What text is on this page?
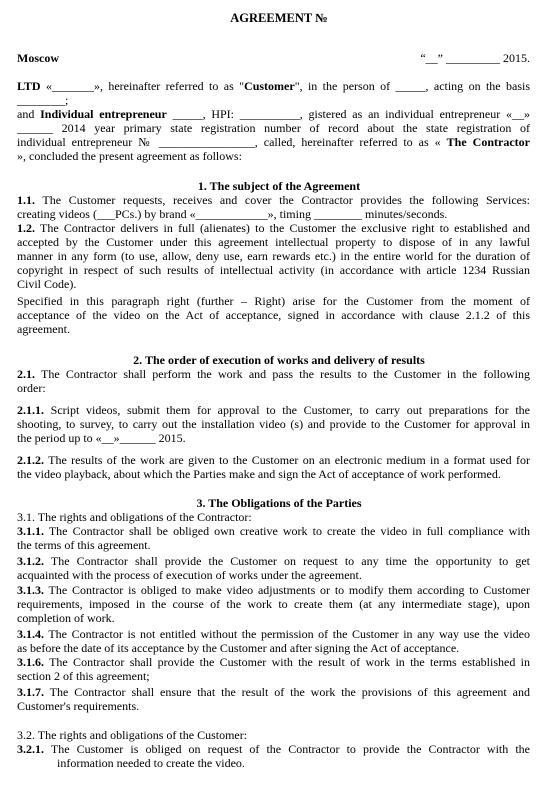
AGREEMENT №
Moscow	“__” _________ 2015.
LTD «_______», hereinafter referred to as "Customer", in the person of _____, acting on the basis
________;
and Individual entrepreneur _____, HPI: __________, gistered as an individual entrepreneur «__»
______ 2014 year primary state registration number of record about the state registration of
individual entrepreneur № ________________, called, hereinafter referred to as « The Contractor
», concluded the present agreement as follows:
1. The subject of the Agreement
1.1. The Customer requests, receives and cover the Contractor provides the following Services:
creating videos (___PCs.) by brand «____________», timing ________ minutes/seconds.
1.2. The Contractor delivers in full (alienates) to the Customer the exclusive right to established and
accepted by the Customer under this agreement intellectual property to dispose of in any lawful
manner in any form (to use, allow, deny use, earn rewards etc.) in the entire world for the duration of
copyright in respect of such results of intellectual activity (in accordance with article 1234 Russian
Civil Code).
Specified in this paragraph right (further – Right) arise for the Customer from the moment of
acceptance of the video on the Act of acceptance, signed in accordance with clause 2.1.2 of this
agreement.
2. The order of execution of works and delivery of results
2.1. The Contractor shall perform the work and pass the results to the Customer in the following
order:
2.1.1. Script videos, submit them for approval to the Customer, to carry out preparations for the
shooting, to survey, to carry out the installation video (s) and provide to the Customer for approval in
the period up to «__»______ 2015.
2.1.2. The results of the work are given to the Customer on an electronic medium in a format used for
the video playback, about which the Parties make and sign the Act of acceptance of work performed.
3. The Obligations of the Parties
3.1. The rights and obligations of the Contractor:
3.1.1. The Contractor shall be obliged own creative work to create the video in full compliance with
the terms of this agreement.
3.1.2. The Contractor shall provide the Customer on request to any time the opportunity to get
acquainted with the process of execution of works under the agreement.
3.1.3. The Contractor is obliged to make video adjustments or to modify them according to Customer
requirements, imposed in the course of the work to create them (at any intermediate stage), upon
completion of work.
3.1.4. The Contractor is not entitled without the permission of the Customer in any way use the video
as before the date of its acceptance by the Customer and after signing the Act of acceptance.
3.1.6. The Contractor shall provide the Customer with the result of work in the terms established in
section 2 of this agreement;
3.1.7. The Contractor shall ensure that the result of the work the provisions of this agreement and
Customer's requirements.
3.2. The rights and obligations of the Customer:
3.2.1. The Customer is obliged on request of the Contractor to provide the Contractor with the
information needed to create the video.
